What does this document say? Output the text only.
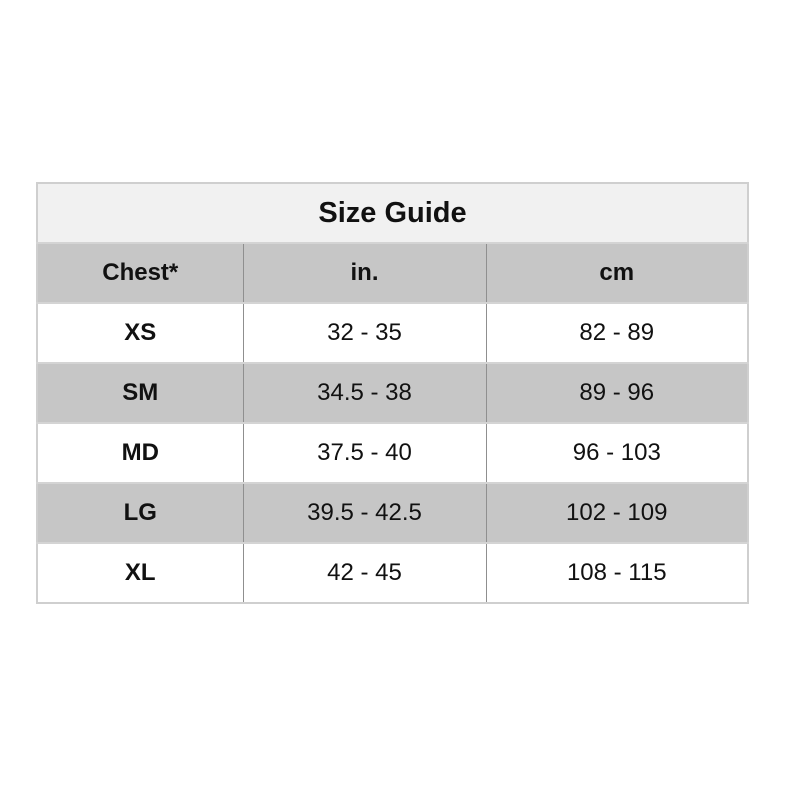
Size Guide		
Chest*	in.	cm
XS	32 - 35	82 - 89
SM	34.5 - 38	89 - 96
MD	37.5 - 40	96 - 103
LG	39.5 - 42.5	102 - 109
XL	42 - 45	108 - 115
